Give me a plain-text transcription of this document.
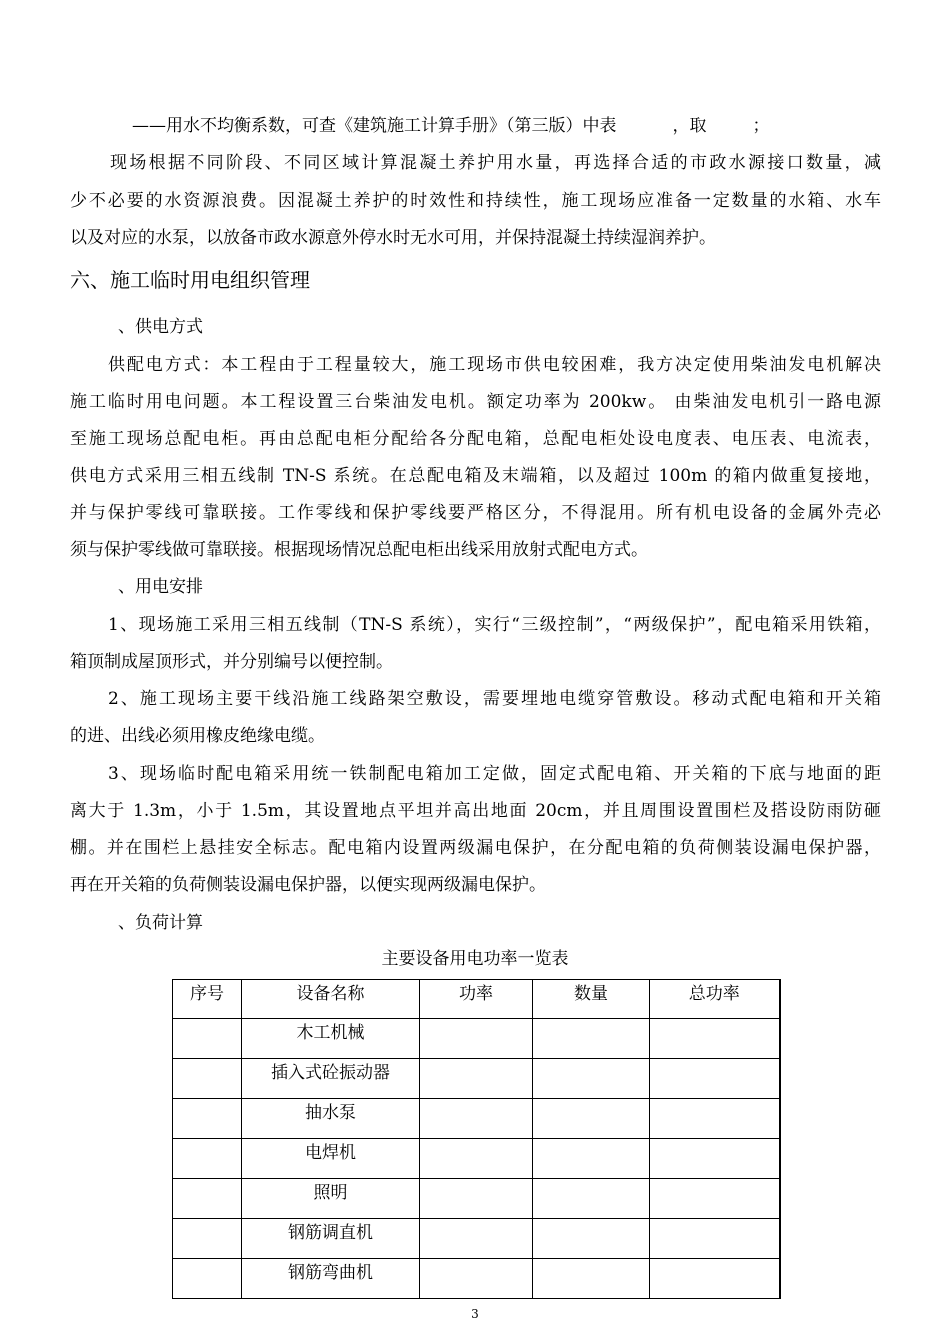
——用水不均衡系数，可查《建筑施工计算手册》（第三版）中表	，取	；
现场根据不同阶段、不同区域计算混凝土养护用水量，再选择合适的市政水源接口数量，减
少不必要的水资源浪费。因混凝土养护的时效性和持续性，施工现场应准备一定数量的水箱、水车
以及对应的水泵，以放备市政水源意外停水时无水可用，并保持混凝土持续湿润养护。
六、施工临时用电组织管理
、供电方式
供配电方式：本工程由于工程量较大，施工现场市供电较困难，我方决定使用柴油发电机解决
施工临时用电问题。本工程设置三台柴油发电机。额定功率为 200kw。 由柴油发电机引一路电源
至施工现场总配电柜。再由总配电柜分配给各分配电箱，总配电柜处设电度表、电压表、电流表，
供电方式采用三相五线制 TN-S 系统。在总配电箱及末端箱，以及超过 100m 的箱内做重复接地，
并与保护零线可靠联接。工作零线和保护零线要严格区分，不得混用。所有机电设备的金属外壳必
须与保护零线做可靠联接。根据现场情况总配电柜出线采用放射式配电方式。
、用电安排
1、现场施工采用三相五线制（TN-S 系统），实行“三级控制”，“两级保护”，配电箱采用铁箱，
箱顶制成屋顶形式，并分别编号以便控制。
2、施工现场主要干线沿施工线路架空敷设，需要埋地电缆穿管敷设。移动式配电箱和开关箱
的进、出线必须用橡皮绝缘电缆。
3、现场临时配电箱采用统一铁制配电箱加工定做，固定式配电箱、开关箱的下底与地面的距
离大于 1.3m，小于 1.5m，其设置地点平坦并高出地面 20cm，并且周围设置围栏及搭设防雨防砸
棚。并在围栏上悬挂安全标志。配电箱内设置两级漏电保护，在分配电箱的负荷侧装设漏电保护器，
再在开关箱的负荷侧装设漏电保护器，以便实现两级漏电保护。
、负荷计算
主要设备用电功率一览表
序号	设备名称	功率	数量	总功率
	木工机械			
	插入式砼振动器			
	抽水泵			
	电焊机			
	照明			
	钢筋调直机			
	钢筋弯曲机			
3
